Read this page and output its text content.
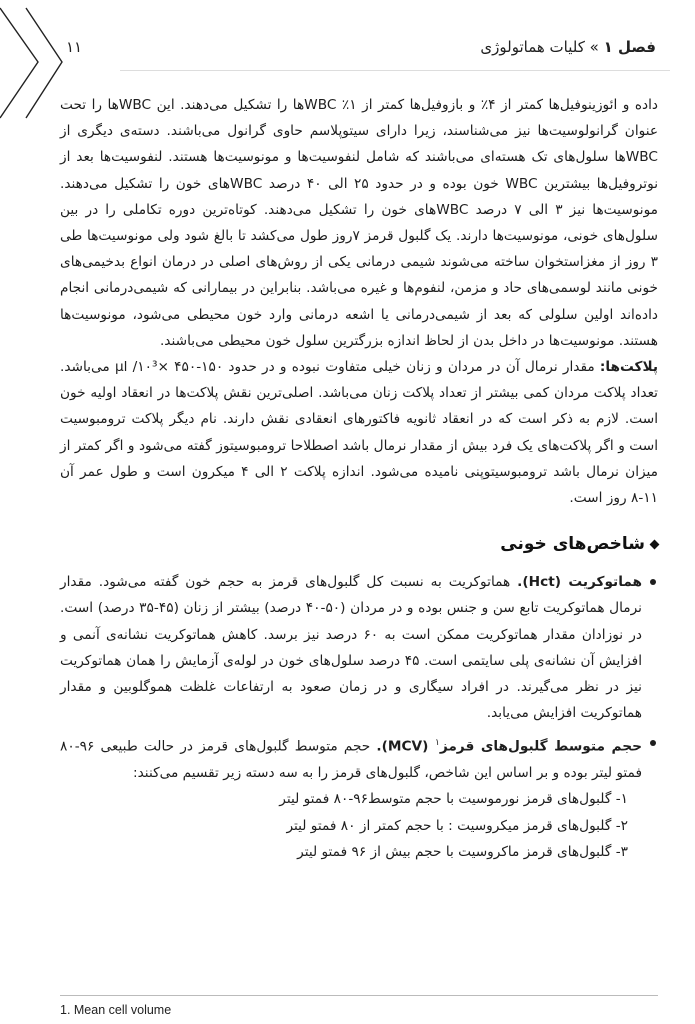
فصل ۱ » کلیات هماتولوژی
۱۱

داده و ائوزینوفیل‌ها کمتر از ۴٪ و بازوفیل‌ها کمتر از ۱٪ WBCها را تشکیل می‌دهند. این WBCها را تحت عنوان گرانولوسیت‌ها نیز می‌شناسند، زیرا دارای سیتوپلاسم حاوی گرانول می‌باشند. دسته‌ی دیگری از WBCها سلول‌های تک هسته‌ای می‌باشند که شامل لنفوسیت‌ها و مونوسیت‌ها هستند. لنفوسیت‌ها بعد از نوتروفیل‌ها بیشترین WBC خون بوده و در حدود ۲۵ الی ۴۰ درصد WBCهای خون را تشکیل می‌دهند. مونوسیت‌ها نیز ۳ الی ۷ درصد WBCهای خون را تشکیل می‌دهند. کوتاه‌ترین دوره تکاملی را در بین سلول‌های خونی، مونوسیت‌ها دارند. یک گلبول قرمز ۷روز طول می‌کشد تا بالغ شود ولی مونوسیت‌ها طی ۳ روز از مغزاستخوان ساخته می‌شوند شیمی درمانی یکی از روش‌های اصلی در درمان انواع بدخیمی‌های خونی مانند لوسمی‌های حاد و مزمن، لنفوم‌ها و غیره می‌باشد. بنابراین در بیمارانی که شیمی‌درمانی انجام داده‌اند اولین سلولی که بعد از شیمی‌درمانی یا اشعه درمانی وارد خون محیطی می‌شود، مونوسیت‌ها هستند. مونوسیت‌ها در داخل بدن از لحاظ اندازه بزرگترین سلول خون محیطی می‌باشند.

پلاکت‌ها: مقدار نرمال آن در مردان و زنان خیلی متفاوت نبوده و در حدود ۱۵۰-۴۵۰ ×۱۰³/ µl می‌باشد. تعداد پلاکت مردان کمی بیشتر از تعداد پلاکت زنان می‌باشد. اصلی‌ترین نقش پلاکت‌ها در انعقاد اولیه خون است. لازم به ذکر است که در انعقاد ثانویه فاکتورهای انعقادی نقش دارند. نام دیگر پلاکت ترومبوسیت است و اگر پلاکت‌های یک فرد بیش از مقدار نرمال باشد اصطلاحا ترومبوسیتوز گفته می‌شود و اگر کمتر از میزان نرمال باشد ترومبوسیتوپنی نامیده می‌شود. اندازه پلاکت ۲ الی ۴ میکرون است و طول عمر آن ۱۱-۸ روز است.

شاخص‌های خونی

هماتوکریت (Hct). هماتوکریت به نسبت کل گلبول‌های قرمز به حجم خون گفته می‌شود. مقدار نرمال هماتوکریت تابع سن و جنس بوده و در مردان (۵۰-۴۰ درصد) بیشتر از زنان (۴۵-۳۵ درصد) است. در نوزادان مقدار هماتوکریت ممکن است به ۶۰ درصد نیز برسد. کاهش هماتوکریت نشانه‌ی آنمی و افزایش آن نشانه‌ی پلی سایتمی است. ۴۵ درصد سلول‌های خون در لوله‌ی آزمایش را همان هماتوکریت نیز در نظر می‌گیرند. در افراد سیگاری و در زمان صعود به ارتفاعات غلظت هموگلوبین و مقدار هماتوکریت افزایش می‌یابد.

حجم متوسط گلبول‌های قرمز$^۱$ (MCV). حجم متوسط گلبول‌های قرمز در حالت طبیعی ۹۶-۸۰ فمتو لیتر بوده و بر اساس این شاخص، گلبول‌های قرمز را به سه دسته زیر تقسیم می‌کنند:

۱- گلبول‌های قرمز نورموسیت با حجم متوسط۹۶-۸۰ فمتو لیتر

۲- گلبول‌های قرمز میکروسیت : با حجم کمتر از ۸۰ فمتو لیتر

۳- گلبول‌های قرمز ماکروسیت با حجم بیش از ۹۶ فمتو لیتر

1. Mean cell volume
